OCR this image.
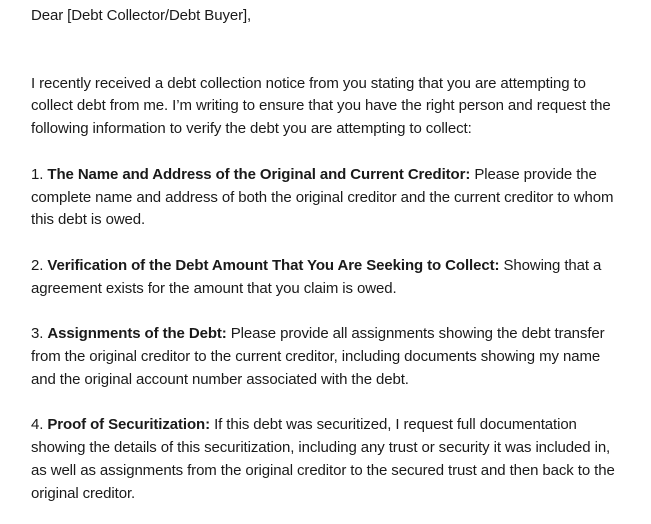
Dear [Debt Collector/Debt Buyer],

I recently received a debt collection notice from you stating that you are attempting to collect debt from me. I’m writing to ensure that you have the right person and request the following information to verify the debt you are attempting to collect:

1. The Name and Address of the Original and Current Creditor: Please provide the complete name and address of both the original creditor and the current creditor to whom this debt is owed.

2. Verification of the Debt Amount That You Are Seeking to Collect: Showing that a agreement exists for the amount that you claim is owed.

3. Assignments of the Debt: Please provide all assignments showing the debt transfer from the original creditor to the current creditor, including documents showing my name and the original account number associated with the debt.

4. Proof of Securitization: If this debt was securitized, I request full documentation showing the details of this securitization, including any trust or security it was included in, as well as assignments from the original creditor to the secured trust and then back to the original creditor.
